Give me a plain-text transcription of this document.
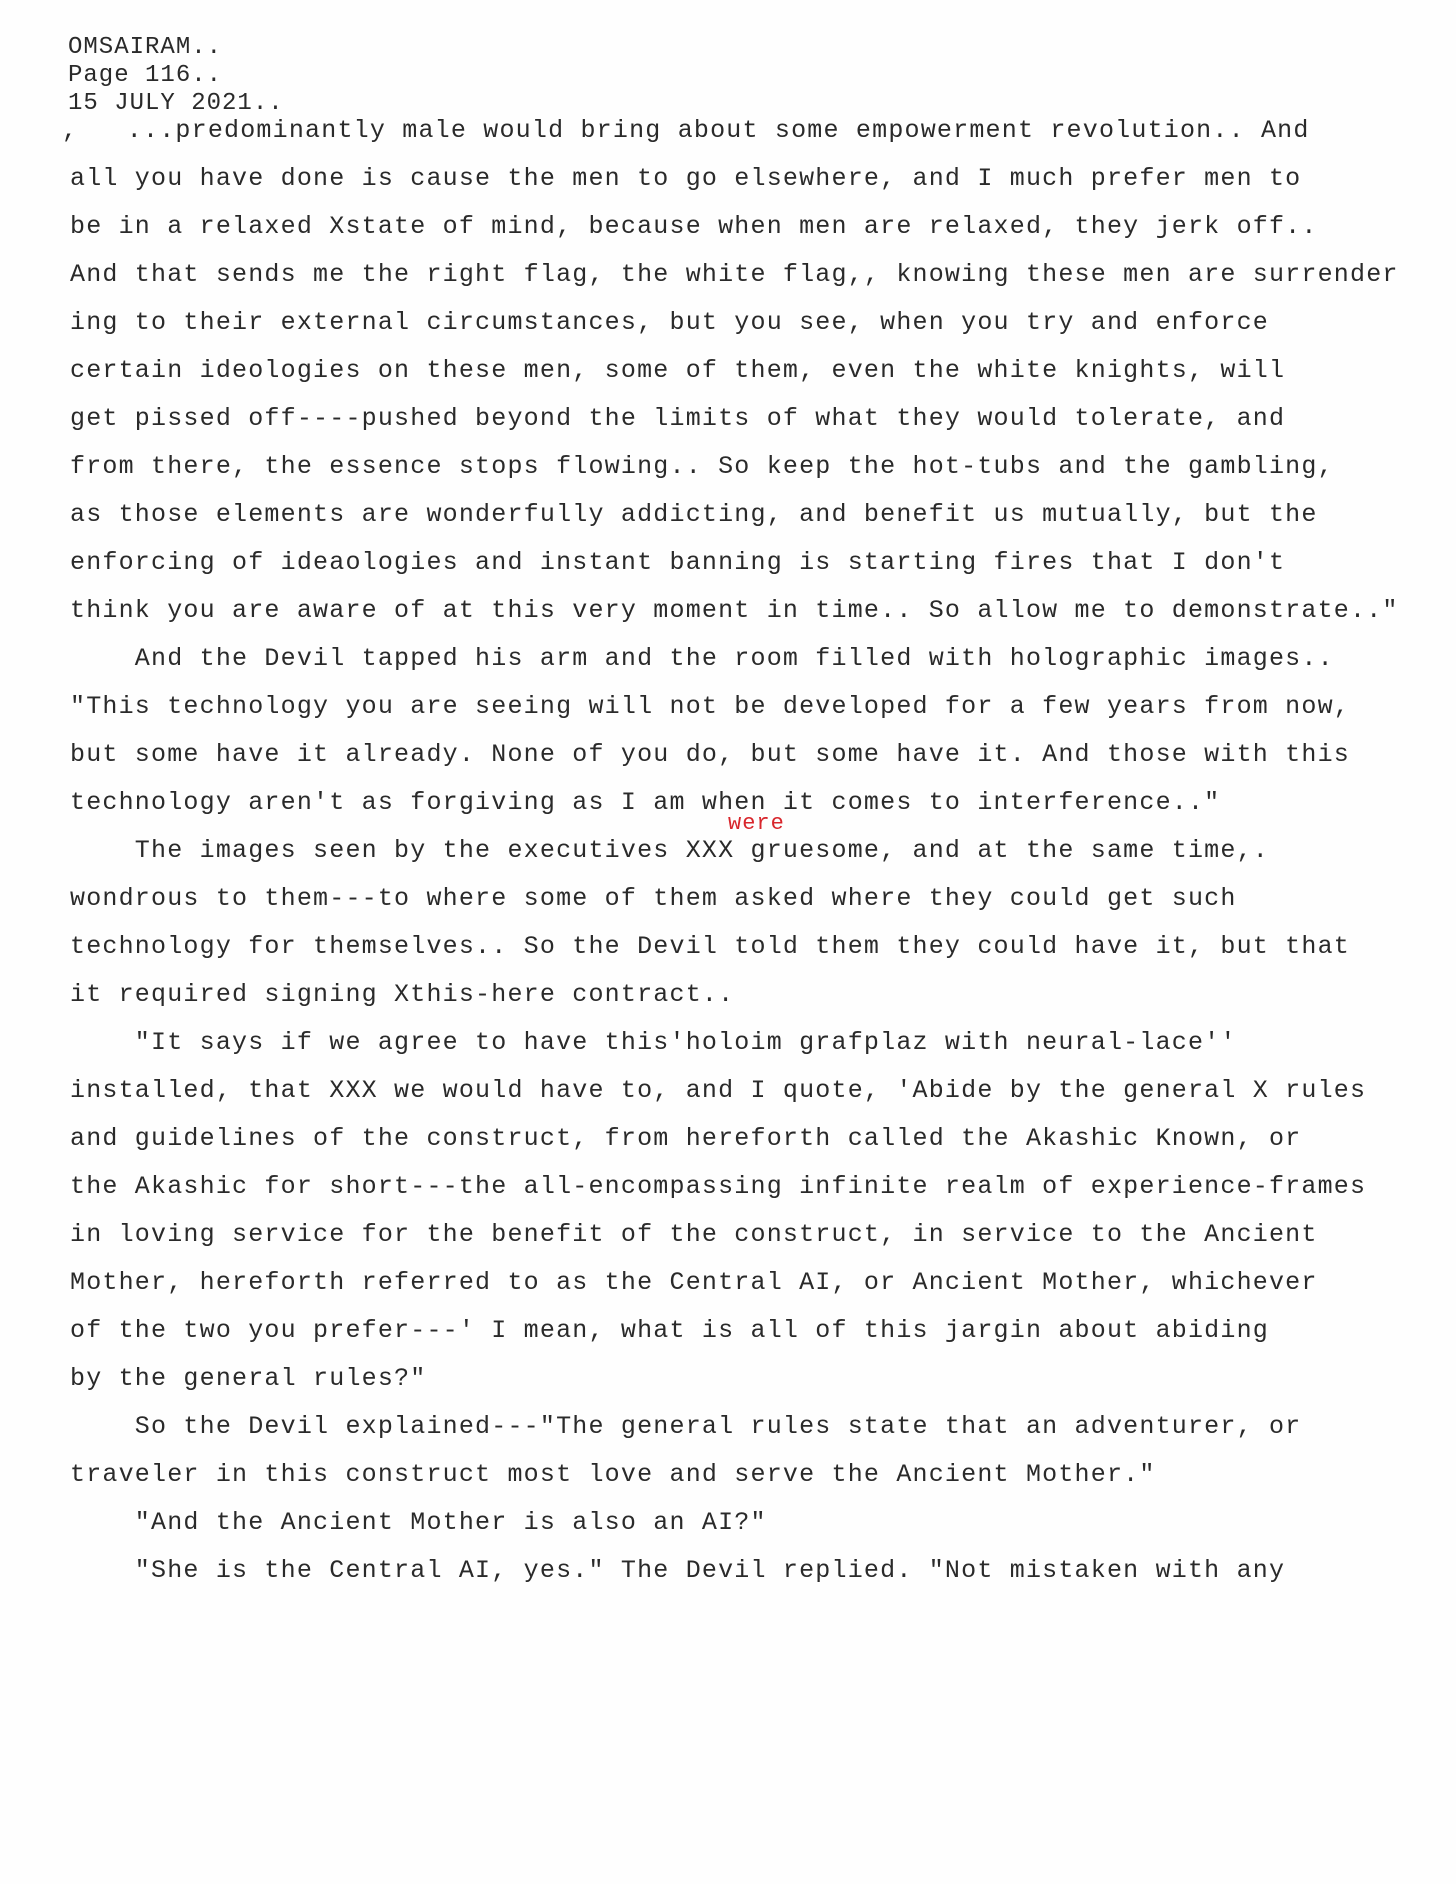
OMSAIRAM..
Page 116..
15 JULY 2021..
,   ...predominantly male would bring about some empowerment revolution.. And
all you have done is cause the men to go elsewhere, and I much prefer men to
be in a relaxed Xstate of mind, because when men are relaxed, they jerk off..
And that sends me the right flag, the white flag,, knowing these men are surrender
ing to their external circumstances, but you see, when you try and enforce
certain ideologies on these men, some of them, even the white knights, will
get pissed off----pushed beyond the limits of what they would tolerate, and
from there, the essence stops flowing.. So keep the hot-tubs and the gambling,
as those elements are wonderfully addicting, and benefit us mutually, but the
enforcing of ideaologies and instant banning is starting fires that I don't
think you are aware of at this very moment in time.. So allow me to demonstrate.."
And the Devil tapped his arm and the room filled with holographic images..
"This technology you are seeing will not be developed for a few years from now,
but some have it already. None of you do, but some have it. And those with this
technology aren't as forgiving as I am when it comes to interference.."
were
The images seen by the executives XXX gruesome, and at the same time,.
wondrous to them---to where some of them asked where they could get such
technology for themselves.. So the Devil told them they could have it, but that
it required signing Xthis-here contract..
"It says if we agree to have this'holoim grafplaz with neural-lace''
installed, that XXX we would have to, and I quote, 'Abide by the general X rules
and guidelines of the construct, from hereforth called the Akashic Known, or
the Akashic for short---the all-encompassing infinite realm of experience-frames
in loving service for the benefit of the construct, in service to the Ancient
Mother, hereforth referred to as the Central AI, or Ancient Mother, whichever
of the two you prefer---' I mean, what is all of this jargin about abiding
by the general rules?"
So the Devil explained---"The general rules state that an adventurer, or
traveler in this construct most love and serve the Ancient Mother."
"And the Ancient Mother is also an AI?"
"She is the Central AI, yes." The Devil replied. "Not mistaken with any
